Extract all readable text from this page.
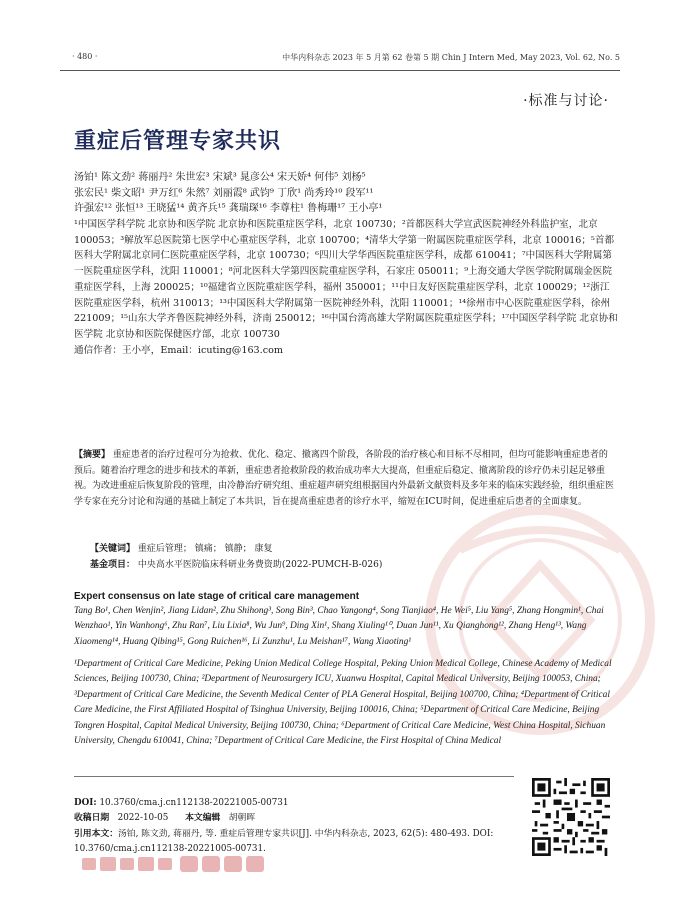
· 480 ·	中华内科杂志 2023 年 5 月第 62 卷第 5 期 Chin J Intern Med, May 2023, Vol. 62, No. 5
·标准与讨论·
重症后管理专家共识
汤铂¹ 陈文劲² 蒋丽丹² 朱世宏³ 宋斌³ 晁彦公⁴ 宋天娇⁴ 何伟⁵ 刘杨⁵
张宏民¹ 柴文昭¹ 尹万红⁶ 朱然⁷ 刘丽霞⁸ 武钧⁹ 丁欣¹ 尚秀玲¹⁰ 段军¹¹
许强宏¹² 张恒¹³ 王晓猛¹⁴ 黄齐兵¹⁵ 龚瑞琛¹⁶ 李尊柱¹ 鲁梅珊¹⁷ 王小亭¹
¹中国医学科学院 北京协和医学院 北京协和医院重症医学科，北京 100730；²首都医科大学宣武医院神经外科监护室，北京 100053；³解放军总医院第七医学中心重症医学科，北京 100700；⁴清华大学第一附属医院重症医学科，北京 100016；⁵首都医科大学附属北京同仁医院重症医学科，北京 100730；⁶四川大学华西医院重症医学科，成都 610041；⁷中国医科大学附属第一医院重症医学科，沈阳 110001；⁸河北医科大学第四医院重症医学科，石家庄 050011；⁹上海交通大学医学院附属瑞金医院重症医学科，上海 200025；¹⁰福建省立医院重症医学科，福州 350001；¹¹中日友好医院重症医学科，北京 100029；¹²浙江医院重症医学科，杭州 310013；¹³中国医科大学附属第一医院神经外科，沈阳 110001；¹⁴徐州市中心医院重症医学科，徐州 221009；¹⁵山东大学齐鲁医院神经外科，济南 250012；¹⁶中国台湾高雄大学附属医院重症医学科；¹⁷中国医学科学院 北京协和医学院 北京协和医院保健医疗部，北京 100730
通信作者：王小亭，Email：icuting@163.com
【摘要】 重症患者的治疗过程可分为抢救、优化、稳定、撤离四个阶段，各阶段的治疗核心和目标不尽相同，但均可能影响重症患者的预后。随着治疗理念的进步和技术的革新，重症患者抢救阶段的救治成功率大大提高，但重症后稳定、撤离阶段的诊疗仍未引起足够重视。为改进重症后恢复阶段的管理，由冷静治疗研究组、重症超声研究组根据国内外最新文献资料及多年来的临床实践经验，组织重症医学专家在充分讨论和沟通的基础上制定了本共识，旨在提高重症患者的诊疗水平，缩短在ICU时间，促进重症后患者的全面康复。
【关键词】 重症后管理； 镇痛； 镇静； 康复
基金项目： 中央高水平医院临床科研业务费资助(2022-PUMCH-B-026)
Expert consensus on late stage of critical care management
Tang Bo¹, Chen Wenjin², Jiang Lidan², Zhu Shihong³, Song Bin³, Chao Yangong⁴, Song Tianjiao⁴, He Wei⁵, Liu Yang⁵, Zhang Hongmin¹, Chai Wenzhao¹, Yin Wanhong⁶, Zhu Ran⁷, Liu Lixia⁸, Wu Jun⁹, Ding Xin¹, Shang Xiuling¹⁰, Duan Jun¹¹, Xu Qianghong¹², Zhang Heng¹³, Wang Xiaomeng¹⁴, Huang Qibing¹⁵, Gong Ruichen¹⁶, Li Zunzhu¹, Lu Meishan¹⁷, Wang Xiaoting¹
¹Department of Critical Care Medicine, Peking Union Medical College Hospital, Peking Union Medical College, Chinese Academy of Medical Sciences, Beijing 100730, China; ²Department of Neurosurgery ICU, Xuanwu Hospital, Capital Medical University, Beijing 100053, China; ³Department of Critical Care Medicine, the Seventh Medical Center of PLA General Hospital, Beijing 100700, China; ⁴Department of Critical Care Medicine, the First Affiliated Hospital of Tsinghua University, Beijing 100016, China; ⁵Department of Critical Care Medicine, Beijing Tongren Hospital, Capital Medical University, Beijing 100730, China; ⁶Department of Critical Care Medicine, West China Hospital, Sichuan University, Chengdu 610041, China; ⁷Department of Critical Care Medicine, the First Hospital of China Medical
DOI: 10.3760/cma.j.cn112138-20221005-00731
收稿日期 2022-10-05 本文编辑 胡朝晖
引用本文：汤铂, 陈文劲, 蒋丽丹, 等. 重症后管理专家共识[J]. 中华内科杂志, 2023, 62(5): 480-493. DOI: 10.3760/cma.j.cn112138-20221005-00731.
